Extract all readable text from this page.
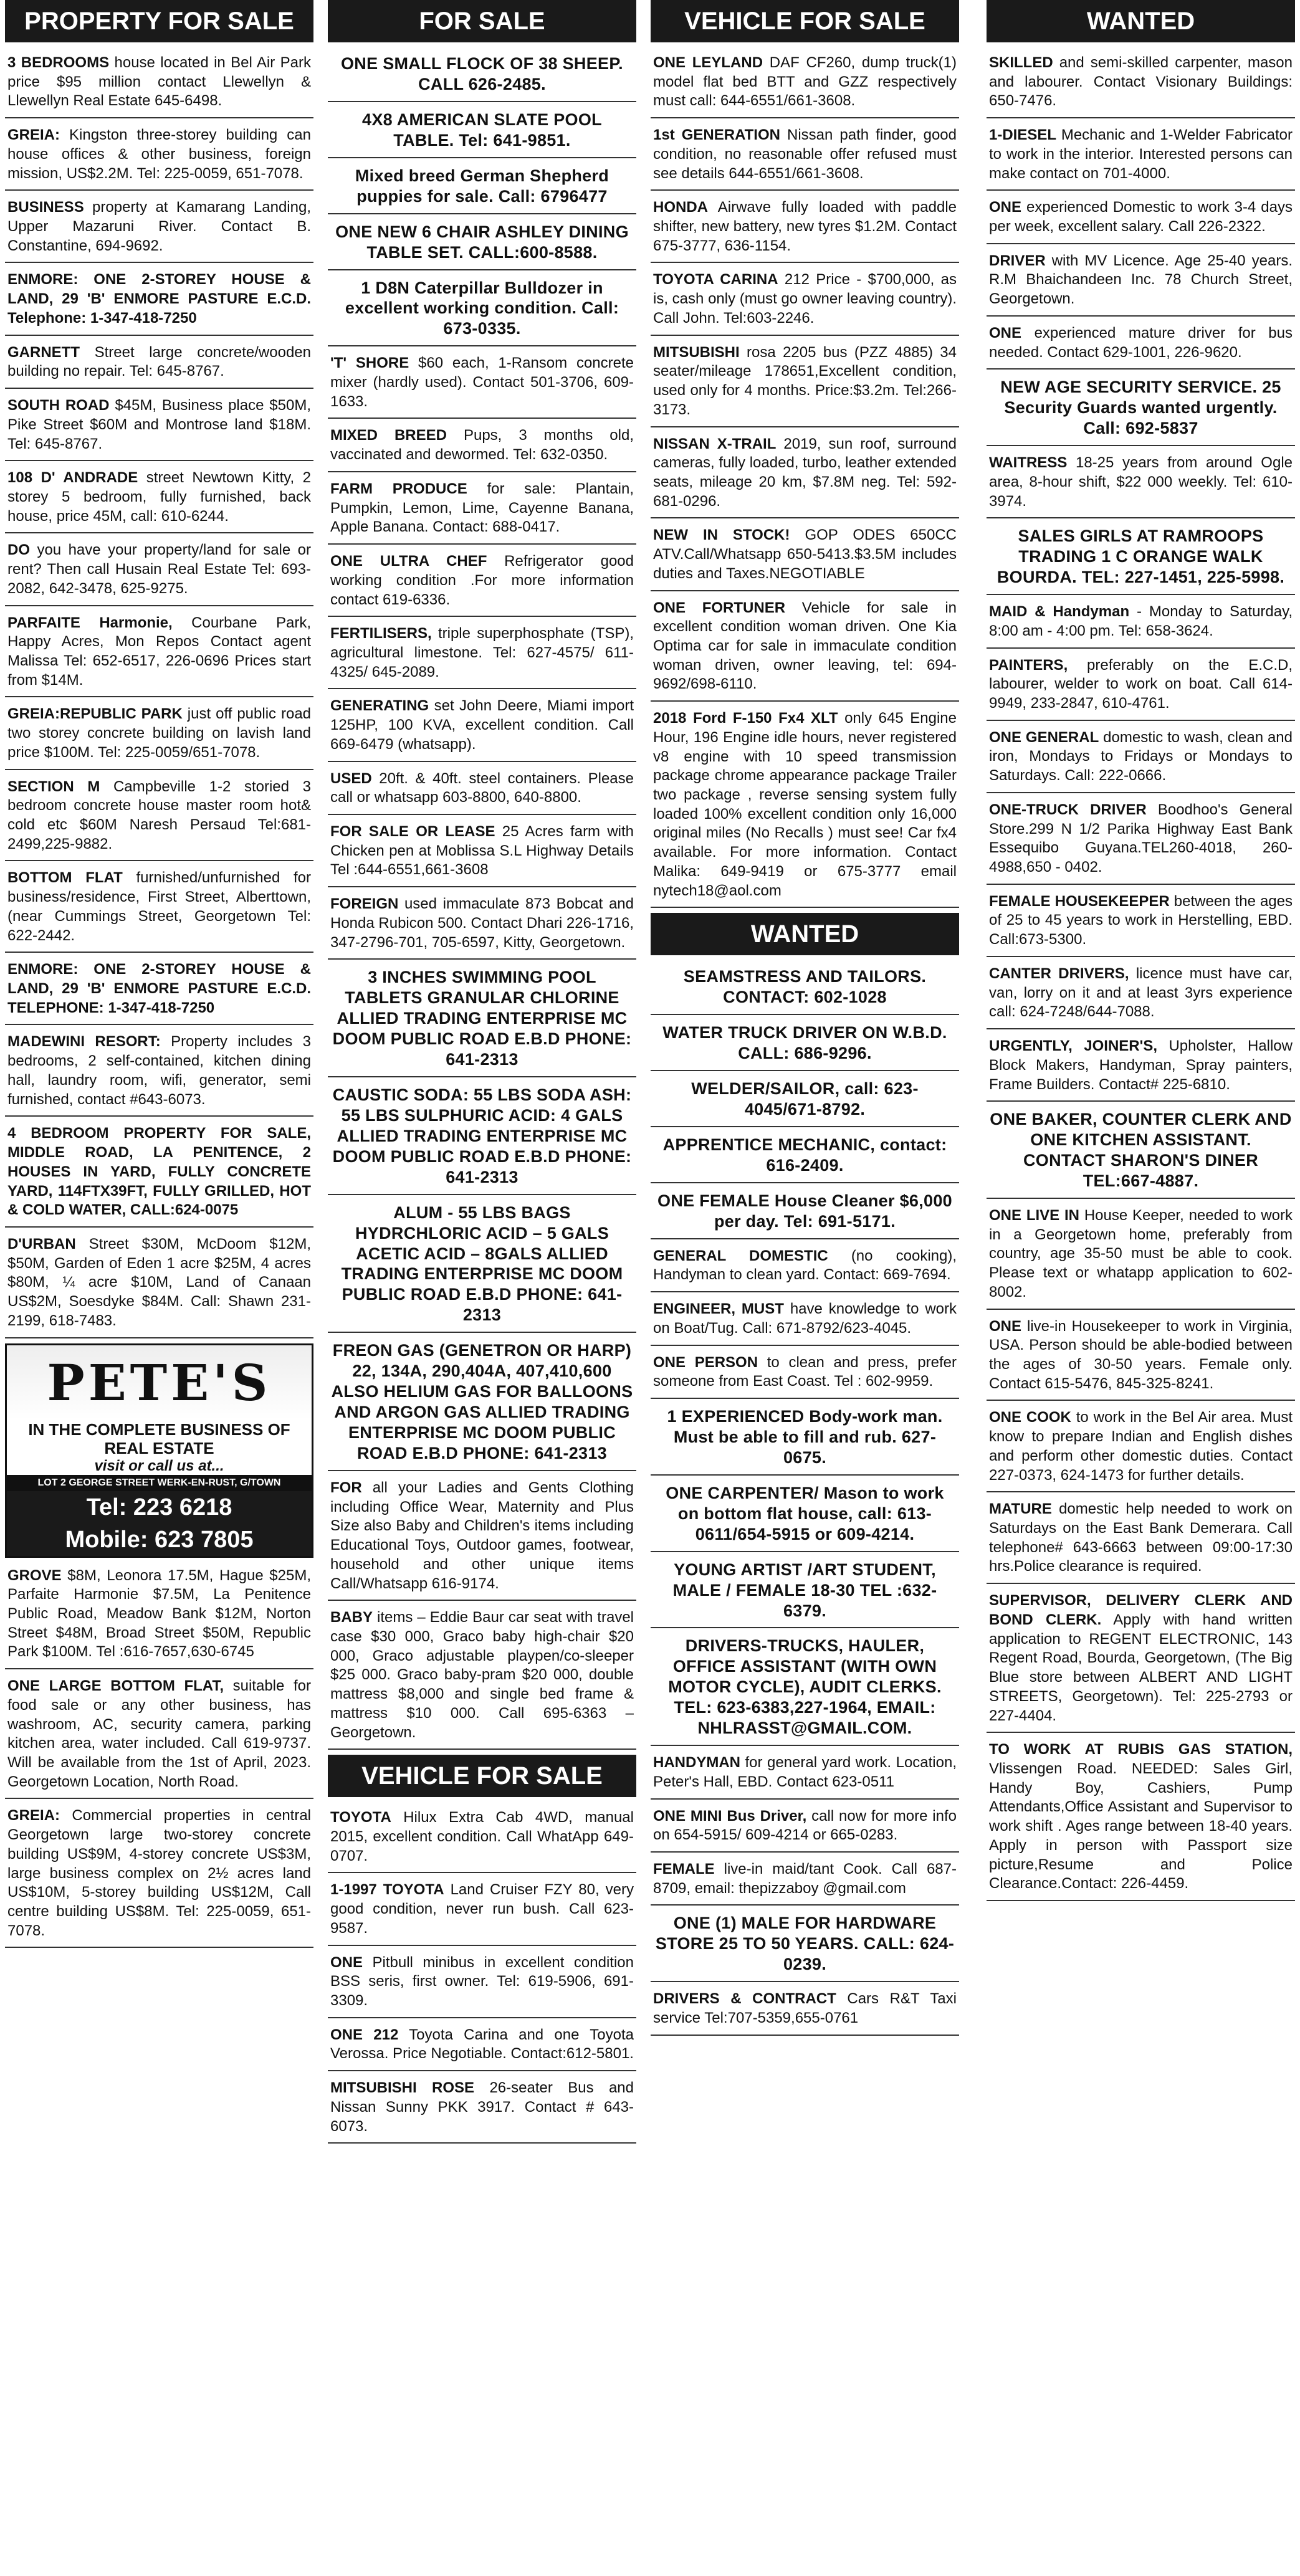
PROPERTY FOR SALE
3 BEDROOMS house located in Bel Air Park price $95 million contact Llewellyn & Llewellyn Real Estate 645-6498.
GREIA: Kingston three-storey building can house offices & other business, foreign mission, US$2.2M. Tel: 225-0059, 651-7078.
BUSINESS property at Kamarang Landing, Upper Mazaruni River. Contact B. Constantine, 694-9692.
ENMORE: ONE 2-STOREY HOUSE & LAND, 29 'B' ENMORE PASTURE E.C.D. Telephone: 1-347-418-7250
GARNETT Street large concrete/wooden building no repair. Tel: 645-8767.
SOUTH ROAD $45M, Business place $50M, Pike Street $60M and Montrose land $18M. Tel: 645-8767.
108 D' ANDRADE street Newtown Kitty, 2 storey 5 bedroom, fully furnished, back house, price 45M, call: 610-6244.
DO you have your property/land for sale or rent? Then call Husain Real Estate Tel: 693-2082, 642-3478, 625-9275.
PARFAITE Harmonie, Courbane Park, Happy Acres, Mon Repos Contact agent Malissa Tel: 652-6517, 226-0696 Prices start from $14M.
GREIA:REPUBLIC PARK just off public road two storey concrete building on lavish land price $100M. Tel: 225-0059/651-7078.
SECTION M Campbeville 1-2 storied 3 bedroom concrete house master room hot& cold etc $60M Naresh Persaud Tel:681-2499,225-9882.
BOTTOM FLAT furnished/unfurnished for business/residence, First Street, Alberttown, (near Cummings Street, Georgetown Tel: 622-2442.
ENMORE: ONE 2-STOREY HOUSE & LAND, 29 'B' ENMORE PASTURE E.C.D. TELEPHONE: 1-347-418-7250
MADEWINI RESORT: Property includes 3 bedrooms, 2 self-contained, kitchen dining hall, laundry room, wifi, generator, semi furnished, contact #643-6073.
4 BEDROOM PROPERTY FOR SALE, MIDDLE ROAD, LA PENITENCE, 2 HOUSES IN YARD, FULLY CONCRETE YARD, 114FTX39FT, FULLY GRILLED, HOT & COLD WATER, CALL:624-0075
D'URBAN Street $30M, McDoom $12M, $50M, Garden of Eden 1 acre $25M, 4 acres $80M, ¼ acre $10M, Land of Canaan US$2M, Soesdyke $84M. Call: Shawn 231-2199, 618-7483.
PETE'S
IN THE COMPLETE BUSINESS OF REAL ESTATE
visit or call us at...
LOT 2 GEORGE STREET WERK-EN-RUST, G/TOWN
Tel: 223 6218
Mobile: 623 7805
GROVE $8M, Leonora 17.5M, Hague $25M, Parfaite Harmonie $7.5M, La Penitence Public Road, Meadow Bank $12M, Norton Street $48M, Broad Street $50M, Republic Park $100M. Tel :616-7657,630-6745
ONE LARGE BOTTOM FLAT, suitable for food sale or any other business, has washroom, AC, security camera, parking kitchen area, water included. Call 619-9737. Will be available from the 1st of April, 2023. Georgetown Location, North Road.
GREIA: Commercial properties in central Georgetown large two-storey concrete building US$9M, 4-storey concrete US$3M, large business complex on 2½ acres land US$10M, 5-storey building US$12M, Call centre building US$8M. Tel: 225-0059, 651-7078.
FOR SALE
ONE SMALL FLOCK OF 38 SHEEP. CALL 626-2485.
4X8 AMERICAN SLATE POOL TABLE. Tel: 641-9851.
Mixed breed German Shepherd puppies for sale. Call: 6796477
ONE NEW 6 CHAIR ASHLEY DINING TABLE SET. CALL:600-8588.
1 D8N Caterpillar Bulldozer in excellent working condition. Call: 673-0335.
'T' SHORE $60 each, 1-Ransom concrete mixer (hardly used). Contact 501-3706, 609-1633.
MIXED BREED Pups, 3 months old, vaccinated and dewormed. Tel: 632-0350.
FARM PRODUCE for sale: Plantain, Pumpkin, Lemon, Lime, Cayenne Banana, Apple Banana. Contact: 688-0417.
ONE ULTRA CHEF Refrigerator good working condition .For more information contact 619-6336.
FERTILISERS, triple superphosphate (TSP), agricultural limestone. Tel: 627-4575/ 611-4325/ 645-2089.
GENERATING set John Deere, Miami import 125HP, 100 KVA, excellent condition. Call 669-6479 (whatsapp).
USED 20ft. & 40ft. steel containers. Please call or whatsapp 603-8800, 640-8800.
FOR SALE OR LEASE 25 Acres farm with Chicken pen at Moblissa S.L Highway Details Tel :644-6551,661-3608
FOREIGN used immaculate 873 Bobcat and Honda Rubicon 500. Contact Dhari 226-1716, 347-2796-701, 705-6597, Kitty, Georgetown.
3 INCHES SWIMMING POOL TABLETS GRANULAR CHLORINE ALLIED TRADING ENTERPRISE MC DOOM PUBLIC ROAD E.B.D PHONE: 641-2313
CAUSTIC SODA: 55 LBS SODA ASH: 55 LBS SULPHURIC ACID: 4 GALS ALLIED TRADING ENTERPRISE MC DOOM PUBLIC ROAD E.B.D PHONE: 641-2313
ALUM - 55 LBS BAGS HYDRCHLORIC ACID – 5 GALS ACETIC ACID – 8GALS ALLIED TRADING ENTERPRISE MC DOOM PUBLIC ROAD E.B.D PHONE: 641-2313
FREON GAS (GENETRON OR HARP) 22, 134A, 290,404A, 407,410,600 ALSO HELIUM GAS FOR BALLOONS AND ARGON GAS ALLIED TRADING ENTERPRISE MC DOOM PUBLIC ROAD E.B.D PHONE: 641-2313
FOR all your Ladies and Gents Clothing including Office Wear, Maternity and Plus Size also Baby and Children's items including Educational Toys, Outdoor games, footwear, household and other unique items Call/Whatsapp 616-9174.
BABY items – Eddie Baur car seat with travel case $30 000, Graco baby high-chair $20 000, Graco adjustable playpen/co-sleeper $25 000. Graco baby-pram $20 000, double mattress $8,000 and single bed frame & mattress $10 000. Call 695-6363 – Georgetown.
VEHICLE FOR SALE
TOYOTA Hilux Extra Cab 4WD, manual 2015, excellent condition. Call WhatApp 649-0707.
1-1997 TOYOTA Land Cruiser FZY 80, very good condition, never run bush. Call 623-9587.
ONE Pitbull minibus in excellent condition BSS seris, first owner. Tel: 619-5906, 691-3309.
ONE 212 Toyota Carina and one Toyota Verossa. Price Negotiable. Contact:612-5801.
MITSUBISHI ROSE 26-seater Bus and Nissan Sunny PKK 3917. Contact # 643-6073.
VEHICLE FOR SALE
ONE LEYLAND DAF CF260, dump truck(1) model flat bed BTT and GZZ respectively must call: 644-6551/661-3608.
1st GENERATION Nissan path finder, good condition, no reasonable offer refused must see details 644-6551/661-3608.
HONDA Airwave fully loaded with paddle shifter, new battery, new tyres $1.2M. Contact 675-3777, 636-1154.
TOYOTA CARINA 212 Price - $700,000, as is, cash only (must go owner leaving country). Call John. Tel:603-2246.
MITSUBISHI rosa 2205 bus (PZZ 4885) 34 seater/mileage 178651,Excellent condition, used only for 4 months. Price:$3.2m. Tel:266-3173.
NISSAN X-TRAIL 2019, sun roof, surround cameras, fully loaded, turbo, leather extended seats, mileage 20 km, $7.8M neg. Tel: 592-681-0296.
NEW IN STOCK! GOP ODES 650CC ATV.Call/Whatsapp 650-5413.$3.5M includes duties and Taxes.NEGOTIABLE
ONE FORTUNER Vehicle for sale in excellent condition woman driven. One Kia Optima car for sale in immaculate condition woman driven, owner leaving, tel: 694-9692/698-6110.
2018 Ford F-150 Fx4 XLT only 645 Engine Hour, 196 Engine idle hours, never registered v8 engine with 10 speed transmission package chrome appearance package Trailer two package , reverse sensing system fully loaded 100% excellent condition only 16,000 original miles (No Recalls ) must see! Car fx4 available. For more information. Contact Malika: 649-9419 or 675-3777 email nytech18@aol.com
WANTED
SEAMSTRESS AND TAILORS. CONTACT: 602-1028
WATER TRUCK DRIVER ON W.B.D. CALL: 686-9296.
WELDER/SAILOR, call: 623-4045/671-8792.
APPRENTICE MECHANIC, contact: 616-2409.
ONE FEMALE House Cleaner $6,000 per day. Tel: 691-5171.
GENERAL DOMESTIC (no cooking), Handyman to clean yard. Contact: 669-7694.
ENGINEER, MUST have knowledge to work on Boat/Tug. Call: 671-8792/623-4045.
ONE PERSON to clean and press, prefer someone from East Coast. Tel : 602-9959.
1 EXPERIENCED Body-work man. Must be able to fill and rub. 627-0675.
ONE CARPENTER/ Mason to work on bottom flat house, call: 613-0611/654-5915 or 609-4214.
YOUNG ARTIST /ART STUDENT, MALE / FEMALE 18-30 TEL :632-6379.
DRIVERS-TRUCKS, HAULER, OFFICE ASSISTANT (WITH OWN MOTOR CYCLE), AUDIT CLERKS. TEL: 623-6383,227-1964, EMAIL: NHLRASST@GMAIL.COM.
HANDYMAN for general yard work. Location, Peter's Hall, EBD. Contact 623-0511
ONE MINI Bus Driver, call now for more info on 654-5915/ 609-4214 or 665-0283.
FEMALE live-in maid/tant Cook. Call 687-8709, email: thepizzaboy @gmail.com
ONE (1) MALE FOR HARDWARE STORE 25 TO 50 YEARS. CALL: 624-0239.
DRIVERS & CONTRACT Cars R&T Taxi service Tel:707-5359,655-0761
WANTED
SKILLED and semi-skilled carpenter, mason and labourer. Contact Visionary Buildings: 650-7476.
1-DIESEL Mechanic and 1-Welder Fabricator to work in the interior. Interested persons can make contact on 701-4000.
ONE experienced Domestic to work 3-4 days per week, excellent salary. Call 226-2322.
DRIVER with MV Licence. Age 25-40 years. R.M Bhaichandeen Inc. 78 Church Street, Georgetown.
ONE experienced mature driver for bus needed. Contact 629-1001, 226-9620.
NEW AGE SECURITY SERVICE. 25 Security Guards wanted urgently. Call: 692-5837
WAITRESS 18-25 years from around Ogle area, 8-hour shift, $22 000 weekly. Tel: 610-3974.
SALES GIRLS AT RAMROOPS TRADING 1 C ORANGE WALK BOURDA. TEL: 227-1451, 225-5998.
MAID & Handyman - Monday to Saturday, 8:00 am - 4:00 pm. Tel: 658-3624.
PAINTERS, preferably on the E.C.D, labourer, welder to work on boat. Call 614-9949, 233-2847, 610-4761.
ONE GENERAL domestic to wash, clean and iron, Mondays to Fridays or Mondays to Saturdays. Call: 222-0666.
ONE-TRUCK DRIVER Boodhoo's General Store.299 N 1/2 Parika Highway East Bank Essequibo Guyana.TEL260-4018, 260-4988,650 - 0402.
FEMALE HOUSEKEEPER between the ages of 25 to 45 years to work in Herstelling, EBD. Call:673-5300.
CANTER DRIVERS, licence must have car, van, lorry on it and at least 3yrs experience call: 624-7248/644-7088.
URGENTLY, JOINER'S, Upholster, Hallow Block Makers, Handyman, Spray painters, Frame Builders. Contact# 225-6810.
ONE BAKER, COUNTER CLERK AND ONE KITCHEN ASSISTANT. CONTACT SHARON'S DINER TEL:667-4887.
ONE LIVE IN House Keeper, needed to work in a Georgetown home, preferably from country, age 35-50 must be able to cook. Please text or whatapp application to 602-8002.
ONE live-in Housekeeper to work in Virginia, USA. Person should be able-bodied between the ages of 30-50 years. Female only. Contact 615-5476, 845-325-8241.
ONE COOK to work in the Bel Air area. Must know to prepare Indian and English dishes and perform other domestic duties. Contact 227-0373, 624-1473 for further details.
MATURE domestic help needed to work on Saturdays on the East Bank Demerara. Call telephone# 643-6663 between 09:00-17:30 hrs.Police clearance is required.
SUPERVISOR, DELIVERY CLERK AND BOND CLERK. Apply with hand written application to REGENT ELECTRONIC, 143 Regent Road, Bourda, Georgetown, (The Big Blue store between ALBERT AND LIGHT STREETS, Georgetown). Tel: 225-2793 or 227-4404.
TO WORK AT RUBIS GAS STATION, Vlissengen Road. NEEDED: Sales Girl, Handy Boy, Cashiers, Pump Attendants,Office Assistant and Supervisor to work shift . Ages range between 18-40 years. Apply in person with Passport size picture,Resume and Police Clearance.Contact: 226-4459.
